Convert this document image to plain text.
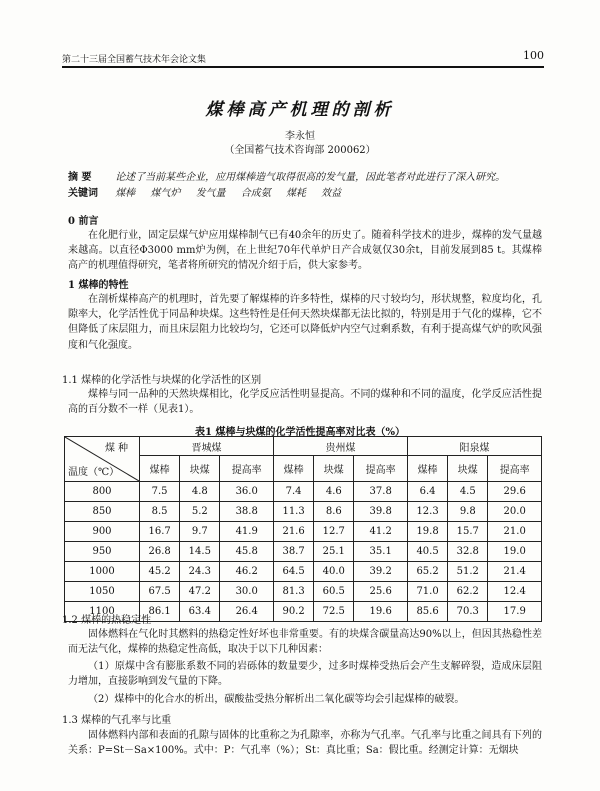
第二十三届全国蓄气技术年会论文集	100
煤棒高产机理的剖析
李永恒
（全国蓄气技术咨询部 200062）
摘 要 论述了当前某些企业，应用煤棒造气取得很高的发气量，因此笔者对此进行了深入研究。
关键词 煤棒 煤气炉 发气量 合成氨 煤耗 效益
0 前言
在化肥行业，固定层煤气炉应用煤棒制气已有40余年的历史了。随着科学技术的进步，煤棒的发气量越来越高。以直径Φ3000 mm炉为例，在上世纪70年代单炉日产合成氨仅30余t，目前发展到85 t。其煤棒高产的机理值得研究，笔者将所研究的情况介绍于后，供大家参考。
1 煤棒的特性
在剖析煤棒高产的机理时，首先要了解煤棒的许多特性，煤棒的尺寸较均匀，形状规整，粒度均化，孔隙率大，化学活性优于同品种块煤。这些特性是任何天然块煤都无法比拟的，特别是用于气化的煤棒，它不但降低了床层阻力，而且床层阻力比较均匀，它还可以降低炉内空气过剩系数，有利于提高煤气炉的吹风强度和气化强度。
1.1 煤棒的化学活性与块煤的化学活性的区别
煤棒与同一品种的天然块煤相比，化学反应活性明显提高。不同的煤种和不同的温度，化学反应活性提高的百分数不一样（见表1）。
表1 煤棒与块煤的化学活性提高率对比表（%）
煤种
温度（℃）	晋城煤			贵州煤			阳泉煤		
	煤棒	块煤	提高率	煤棒	块煤	提高率	煤棒	块煤	提高率
800	7.5	4.8	36.0	7.4	4.6	37.8	6.4	4.5	29.6
850	8.5	5.2	38.8	11.3	8.6	39.8	12.3	9.8	20.0
900	16.7	9.7	41.9	21.6	12.7	41.2	19.8	15.7	21.0
950	26.8	14.5	45.8	38.7	25.1	35.1	40.5	32.8	19.0
1000	45.2	24.3	46.2	64.5	40.0	39.2	65.2	51.2	21.4
1050	67.5	47.2	30.0	81.3	60.5	25.6	71.0	62.2	12.4
1100	86.1	63.4	26.4	90.2	72.5	19.6	85.6	70.3	17.9
1.2 煤棒的热稳定性
固体燃料在气化时其燃料的热稳定性好坏也非常重要。有的块煤含碳量高达90%以上，但因其热稳性差而无法气化，煤棒的热稳定性高低，取决于以下几种因素：
（1）原煤中含有膨胀系数不同的岩砾体的数量要少，过多时煤棒受热后会产生支解碎裂，造成床层阻力增加，直接影响到发气量的下降。
（2）煤棒中的化合水的析出，碳酸盐受热分解析出二氧化碳等均会引起煤棒的破裂。
1.3 煤棒的气孔率与比重
固体燃料内部和表面的孔隙与固体的比重称之为孔隙率，亦称为气孔率。气孔率与比重之间具有下列的关系：P=St－Sa×100%。式中：P：气孔率（%）；St：真比重；Sa：假比重。经测定计算：无烟块
